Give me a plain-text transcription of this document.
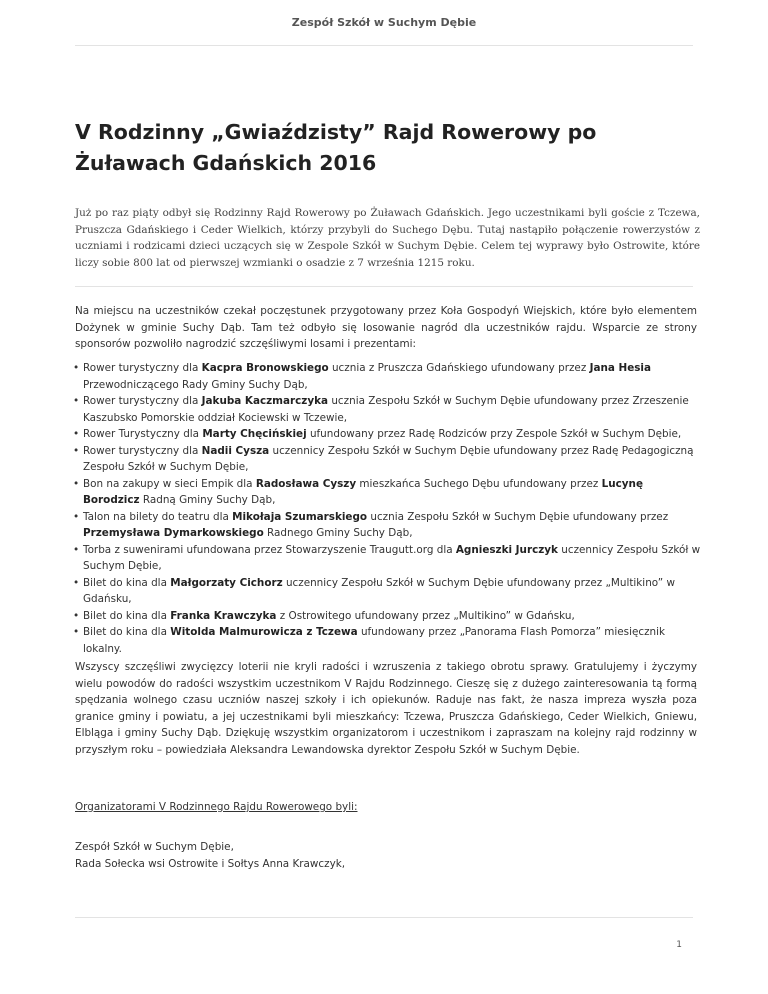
Zespół Szkół w Suchym Dębie
V Rodzinny „Gwiaździsty” Rajd Rowerowy po Żuławach Gdańskich 2016

Już po raz piąty odbył się Rodzinny Rajd Rowerowy po Żuławach Gdańskich. Jego uczestnikami byli goście z Tczewa, Pruszcza Gdańskiego i Ceder Wielkich, którzy przybyli do Suchego Dębu. Tutaj nastąpiło połączenie rowerzystów z uczniami i rodzicami dzieci uczących się w Zespole Szkół w Suchym Dębie. Celem tej wyprawy było Ostrowite, które liczy sobie 800 lat od pierwszej wzmianki o osadzie z 7 września 1215 roku.

Na miejscu na uczestników czekał poczęstunek przygotowany przez Koła Gospodyń Wiejskich, które było elementem Dożynek w gminie Suchy Dąb. Tam też odbyło się losowanie nagród dla uczestników rajdu. Wsparcie ze strony sponsorów pozwoliło nagrodzić szczęśliwymi losami i prezentami:

• Rower turystyczny dla Kacpra Bronowskiego ucznia z Pruszcza Gdańskiego ufundowany przez Jana Hesia Przewodniczącego Rady Gminy Suchy Dąb,
• Rower turystyczny dla Jakuba Kaczmarczyka ucznia Zespołu Szkół w Suchym Dębie ufundowany przez Zrzeszenie Kaszubsko Pomorskie oddział Kociewski w Tczewie,
• Rower Turystyczny dla Marty Chęcińskiej ufundowany przez Radę Rodziców przy Zespole Szkół w Suchym Dębie,
• Rower turystyczny dla Nadii Cysza uczennicy Zespołu Szkół w Suchym Dębie ufundowany przez Radę Pedagogiczną Zespołu Szkół w Suchym Dębie,
• Bon na zakupy w sieci Empik dla Radosława Cyszy mieszkańca Suchego Dębu ufundowany przez Lucynę Borodzicz Radną Gminy Suchy Dąb,
• Talon na bilety do teatru dla Mikołaja Szumarskiego ucznia Zespołu Szkół w Suchym Dębie ufundowany przez Przemysława Dymarkowskiego Radnego Gminy Suchy Dąb,
• Torba z suwenirami ufundowana przez Stowarzyszenie Traugutt.org dla Agnieszki Jurczyk uczennicy Zespołu Szkół w Suchym Dębie,
• Bilet do kina dla Małgorzaty Cichorz uczennicy Zespołu Szkół w Suchym Dębie ufundowany przez „Multikino” w Gdańsku,
• Bilet do kina dla Franka Krawczyka z Ostrowitego ufundowany przez „Multikino” w Gdańsku,
• Bilet do kina dla Witolda Malmurowicza z Tczewa ufundowany przez „Panorama Flash Pomorza” miesięcznik lokalny.

Wszyscy szczęśliwi zwycięzcy loterii nie kryli radości i wzruszenia z takiego obrotu sprawy. Gratulujemy i życzymy wielu powodów do radości wszystkim uczestnikom V Rajdu Rodzinnego. Cieszę się z dużego zainteresowania tą formą spędzania wolnego czasu uczniów naszej szkoły i ich opiekunów. Raduje nas fakt, że nasza impreza wyszła poza granice gminy i powiatu, a jej uczestnikami byli mieszkańcy: Tczewa, Pruszcza Gdańskiego, Ceder Wielkich, Gniewu, Elbląga i gminy Suchy Dąb. Dziękuję wszystkim organizatorom i uczestnikom i zapraszam na kolejny rajd rodzinny w przyszłym roku – powiedziała Aleksandra Lewandowska dyrektor Zespołu Szkół w Suchym Dębie.

Organizatorami V Rodzinnego Rajdu Rowerowego byli:

Zespół Szkół w Suchym Dębie,

Rada Sołecka wsi Ostrowite i Sołtys Anna Krawczyk,

1
